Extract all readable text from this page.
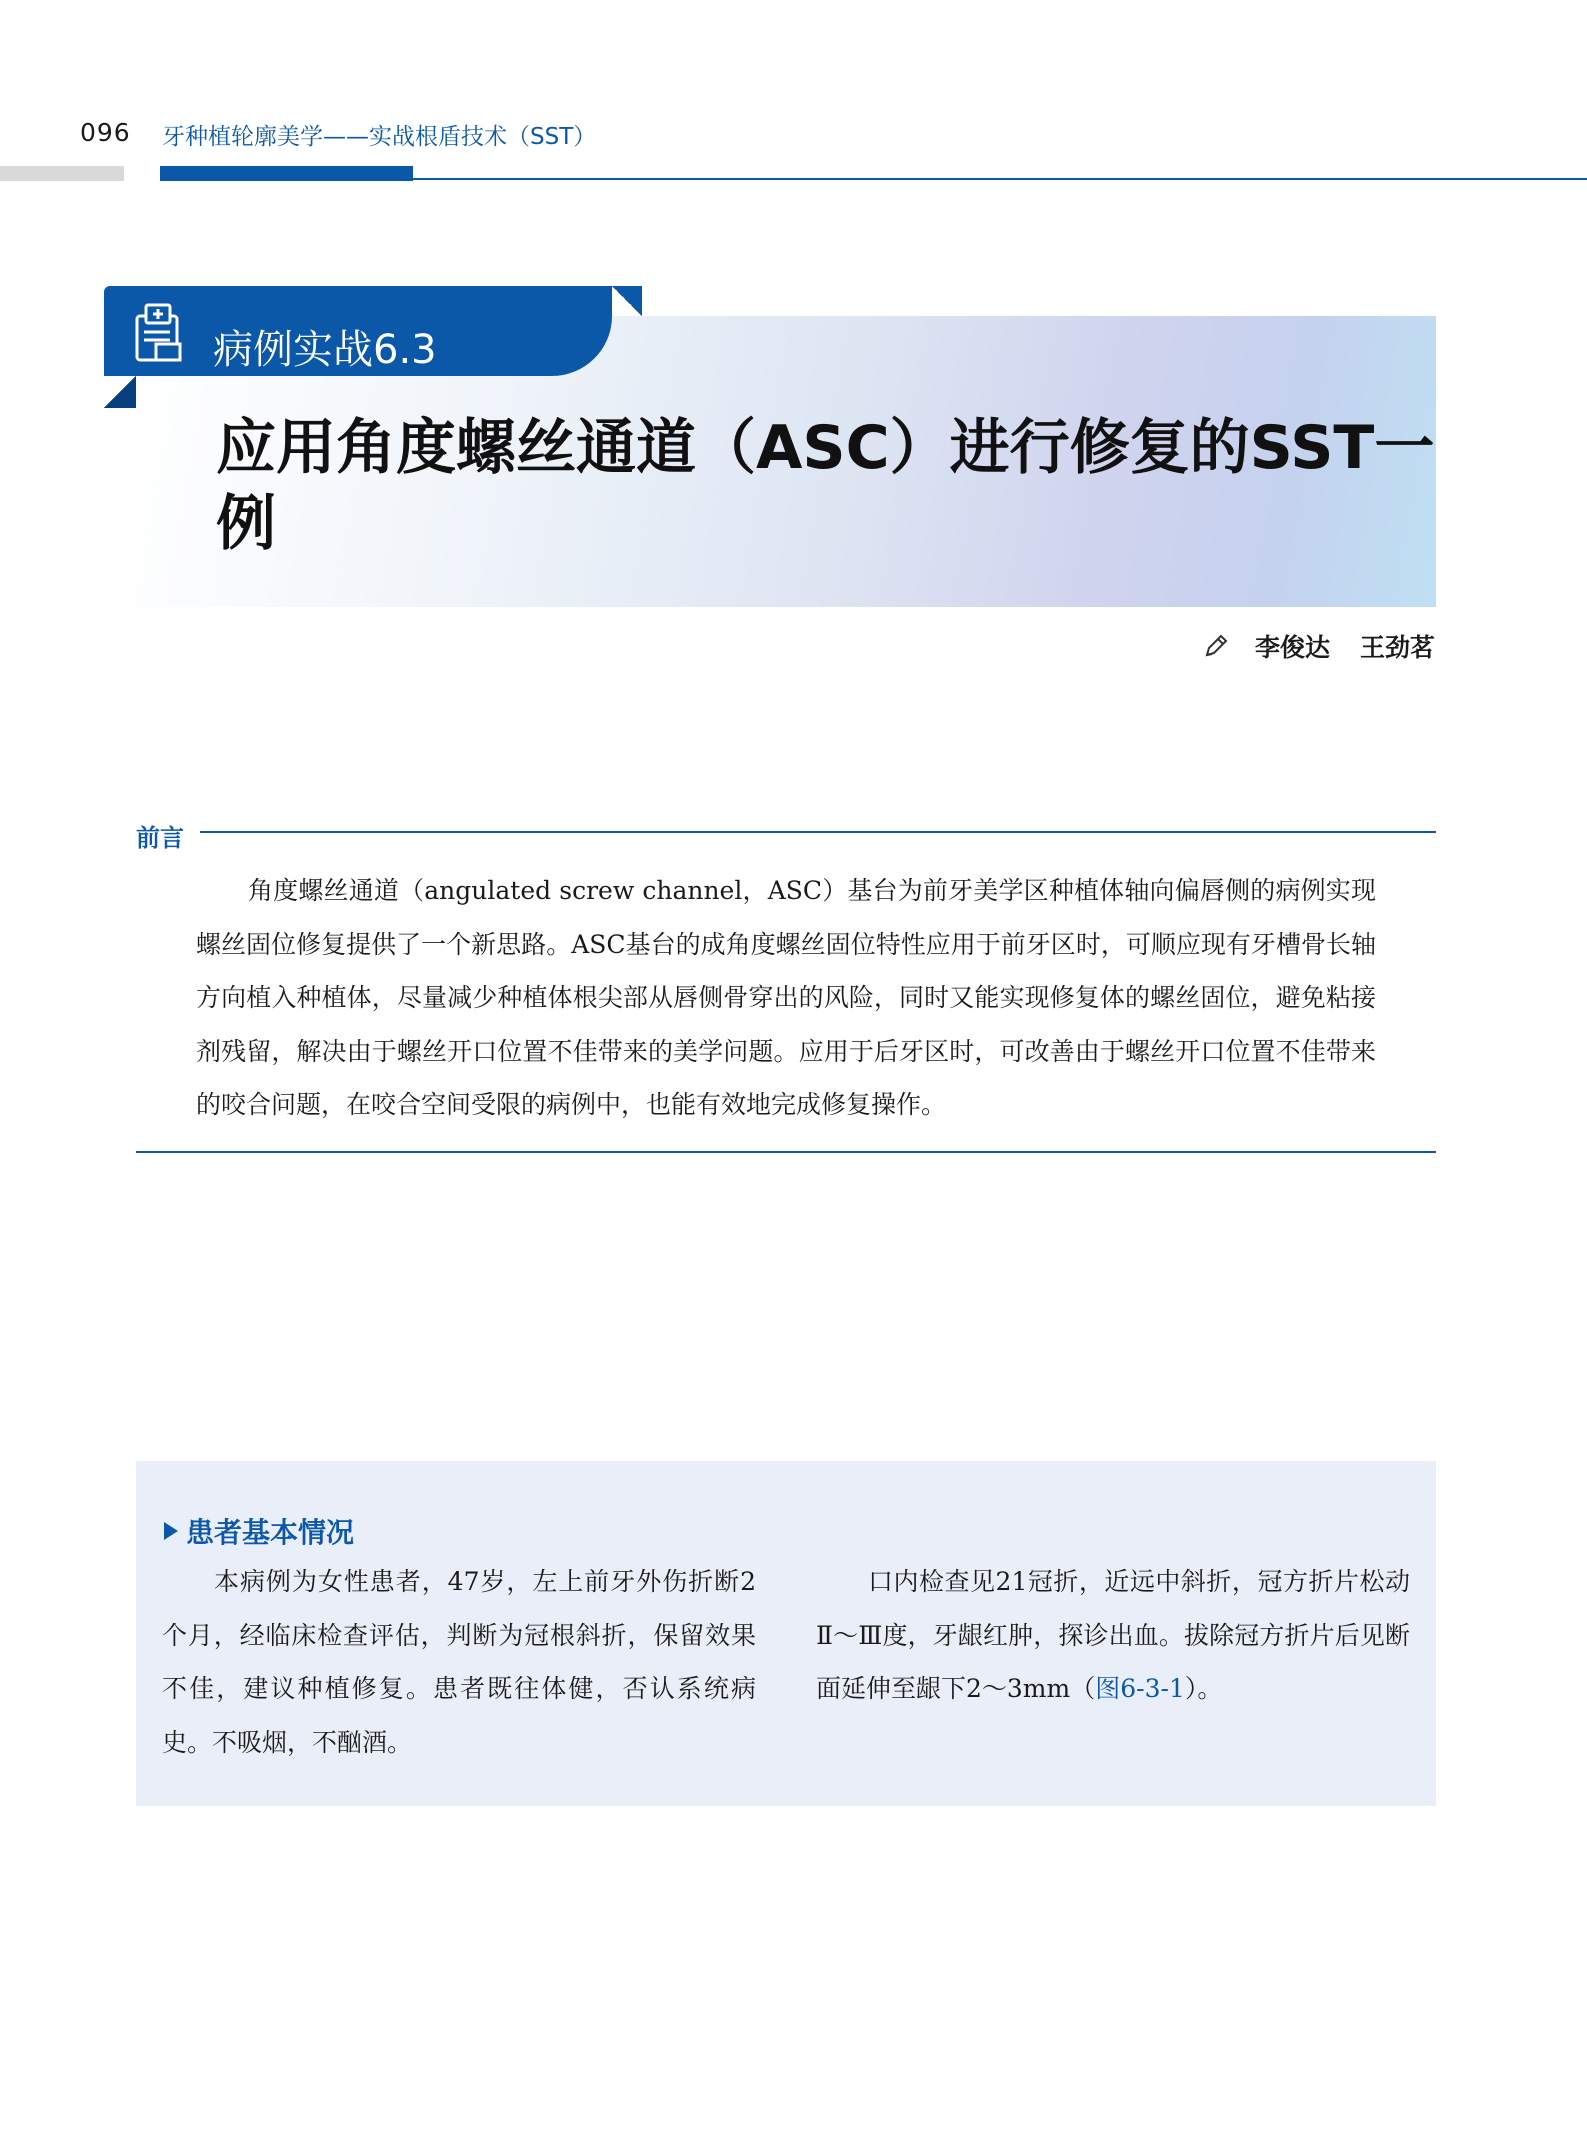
096 牙种植轮廓美学——实战根盾技术（SST）
病例实战6.3
应用角度螺丝通道（ASC）进行修复的SST一例
李俊达 王劲茗
前言
角度螺丝通道（angulated screw channel，ASC）基台为前牙美学区种植体轴向偏唇侧的病例实现螺丝固位修复提供了一个新思路。ASC基台的成角度螺丝固位特性应用于前牙区时，可顺应现有牙槽骨长轴方向植入种植体，尽量减少种植体根尖部从唇侧骨穿出的风险，同时又能实现修复体的螺丝固位，避免粘接剂残留，解决由于螺丝开口位置不佳带来的美学问题。应用于后牙区时，可改善由于螺丝开口位置不佳带来的咬合问题，在咬合空间受限的病例中，也能有效地完成修复操作。
患者基本情况
本病例为女性患者，47岁，左上前牙外伤折断2个月，经临床检查评估，判断为冠根斜折，保留效果不佳，建议种植修复。患者既往体健，否认系统病史。不吸烟，不酗酒。
口内检查见21冠折，近远中斜折，冠方折片松动Ⅱ～Ⅲ度，牙龈红肿，探诊出血。拔除冠方折片后见断面延伸至龈下2～3mm（图6-3-1）。
